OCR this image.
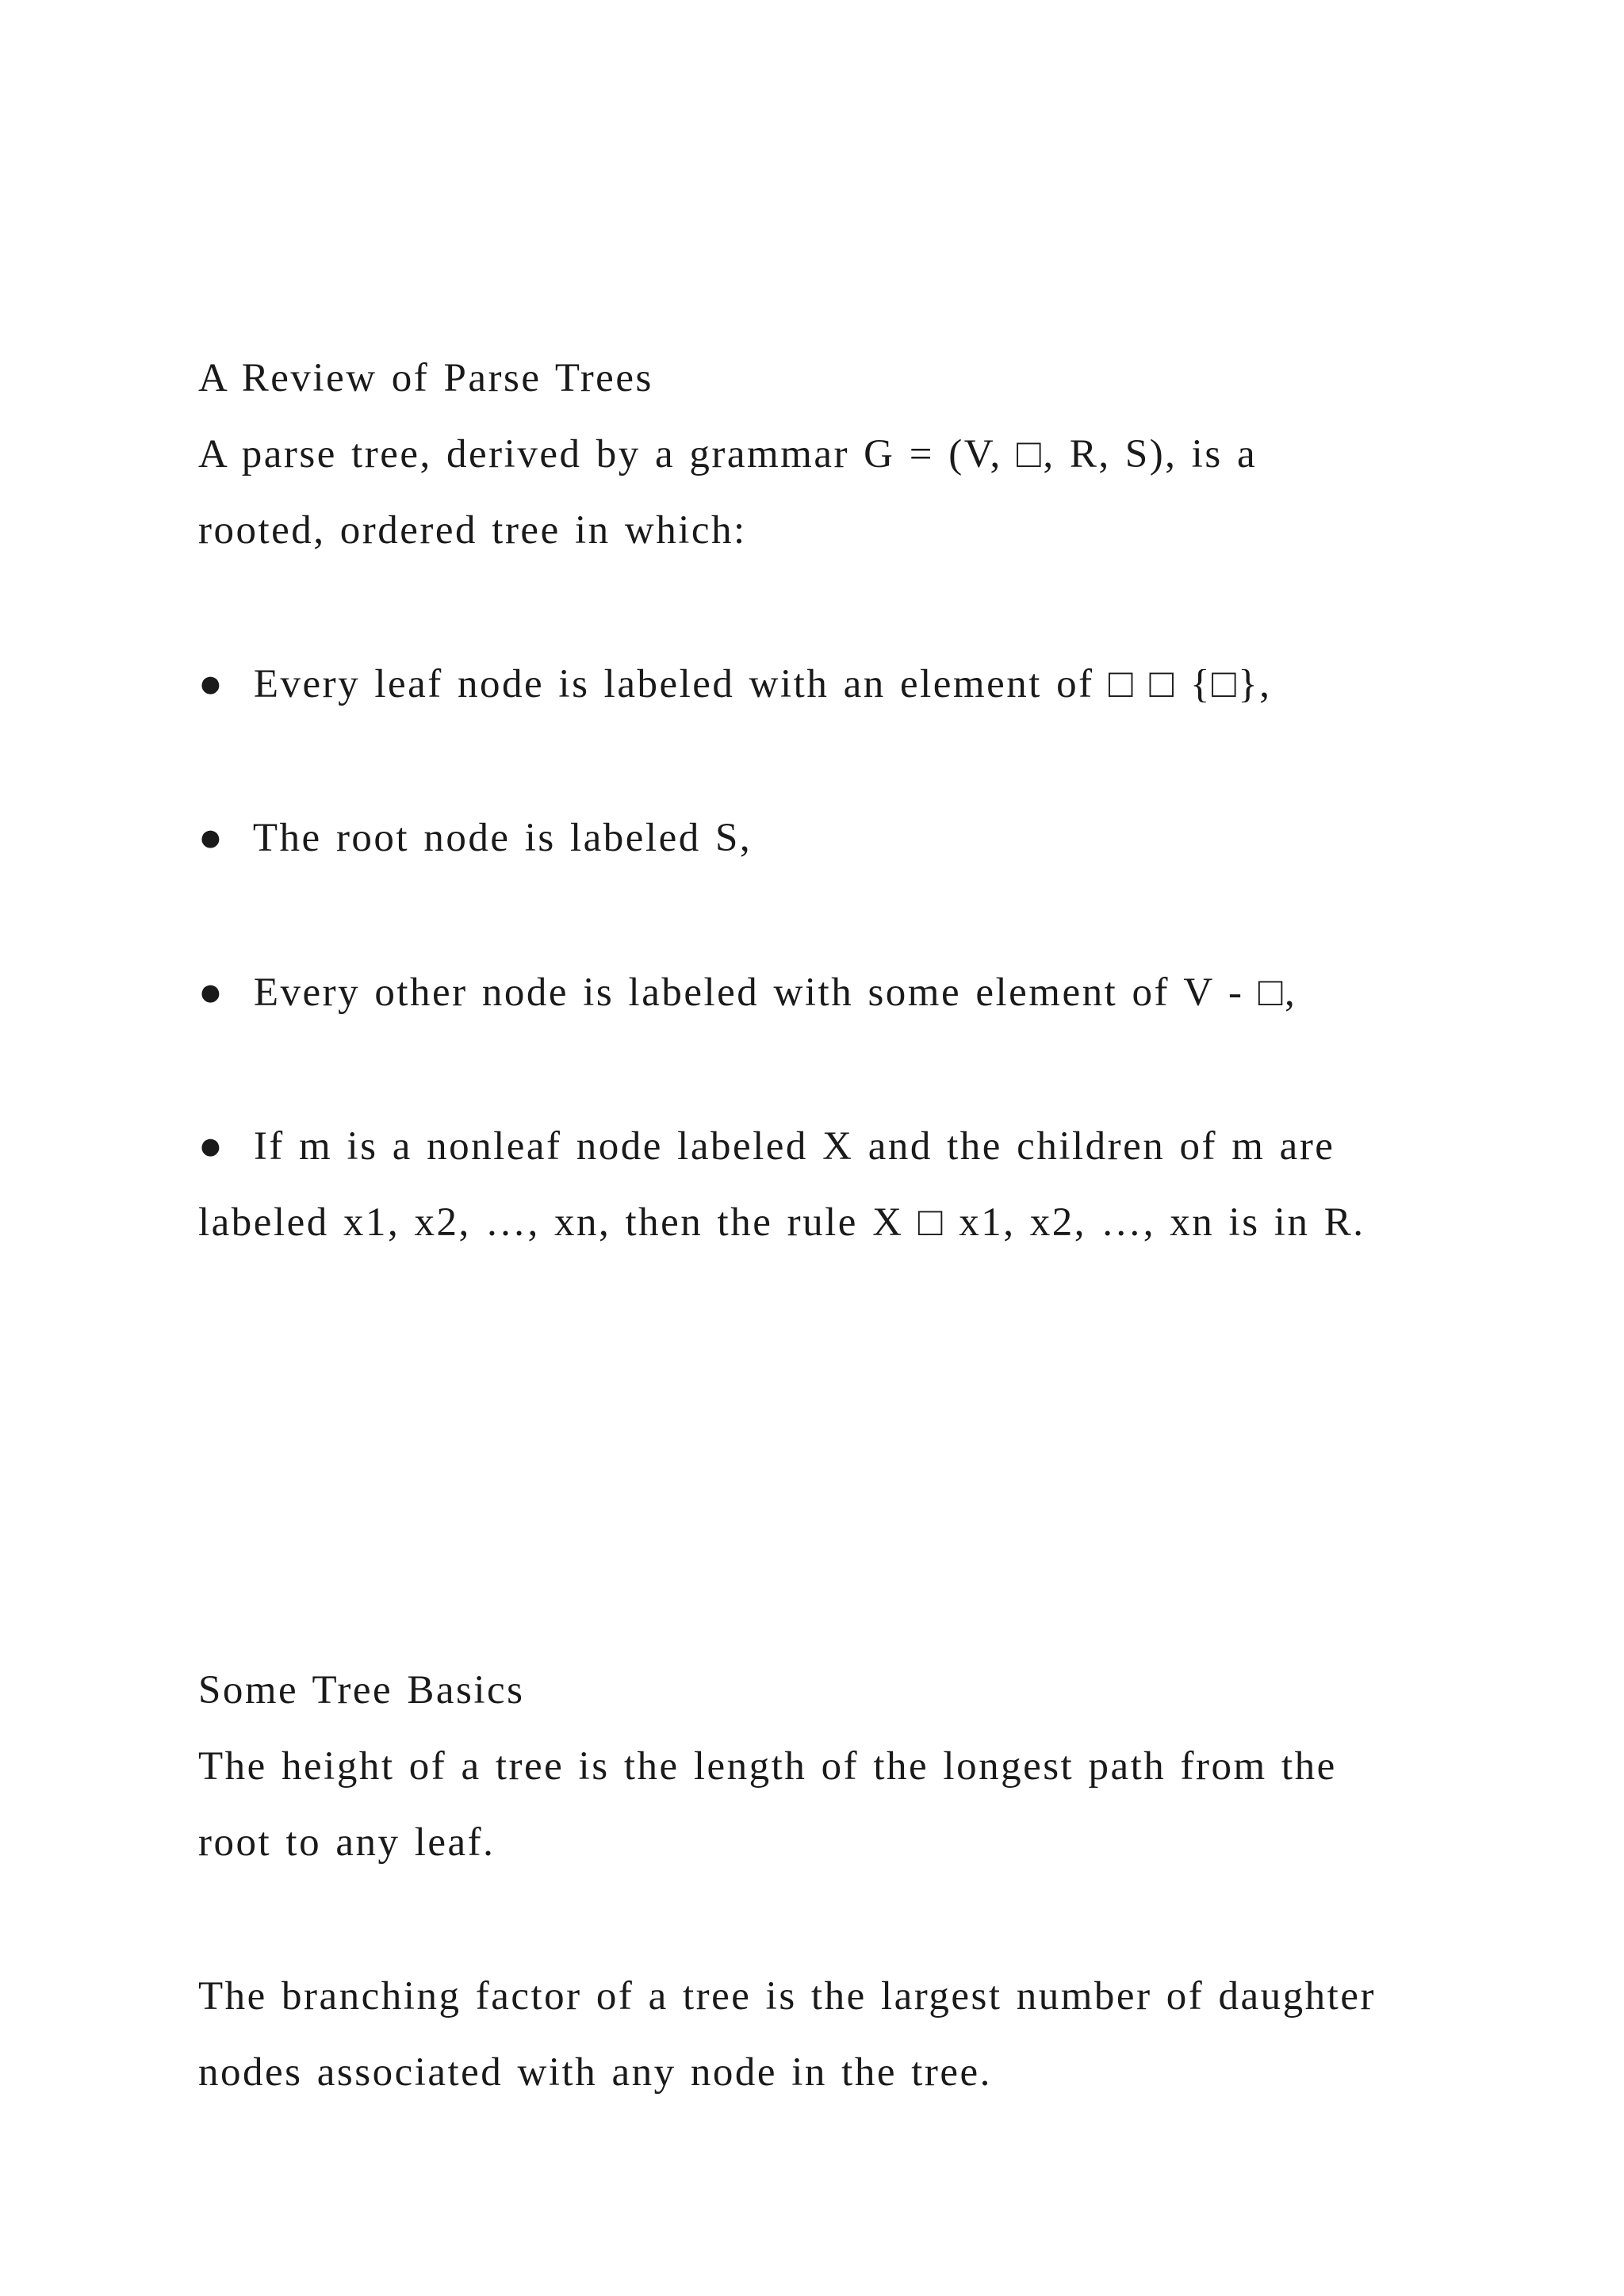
A Review of Parse Trees
A parse tree, derived by a grammar G = (V, □, R, S), is a
rooted, ordered tree in which:
●  Every leaf node is labeled with an element of □ □ {□},
●  The root node is labeled S,
●  Every other node is labeled with some element of V - □,
●  If m is a nonleaf node labeled X and the children of m are
labeled x1, x2, …, xn, then the rule X □ x1, x2, …, xn is in R.
Some Tree Basics
The height of a tree is the length of the longest path from the
root to any leaf.
The branching factor of a tree is the largest number of daughter
nodes associated with any node in the tree.
